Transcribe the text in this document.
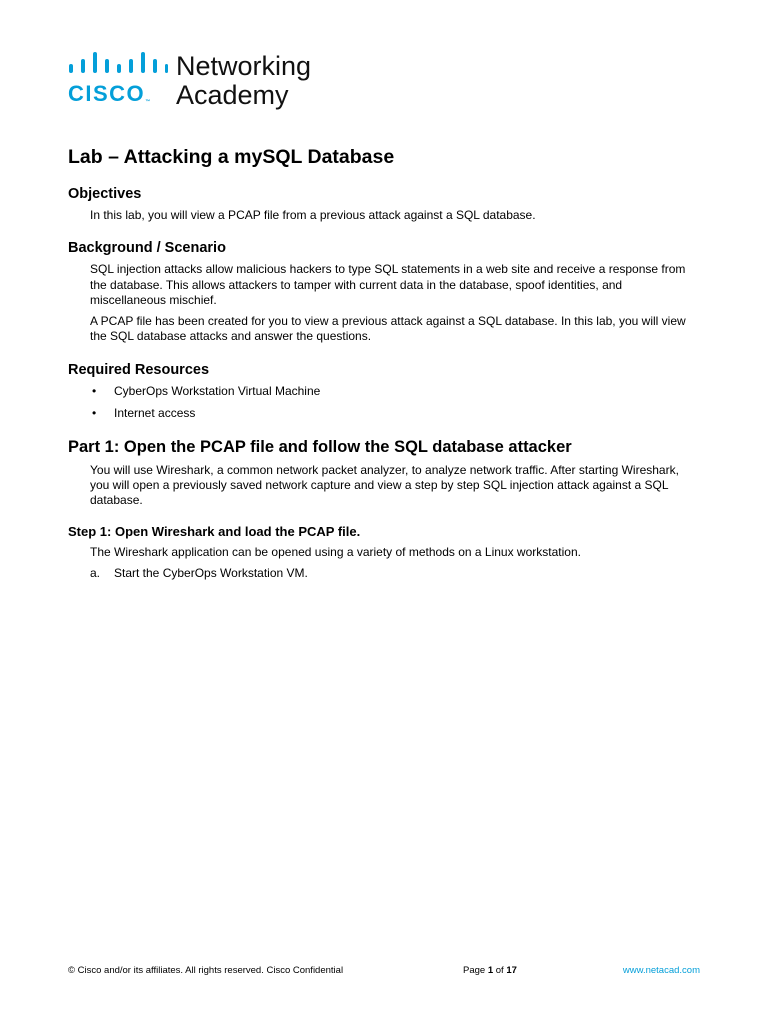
CISCO™
Networking
Academy
Lab – Attacking a mySQL Database
Objectives

In this lab, you will view a PCAP file from a previous attack against a SQL database.

Background / Scenario

SQL injection attacks allow malicious hackers to type SQL statements in a web site and receive a response from the database. This allows attackers to tamper with current data in the database, spoof identities, and miscellaneous mischief.

A PCAP file has been created for you to view a previous attack against a SQL database. In this lab, you will view the SQL database attacks and answer the questions.

Required Resources
• CyberOps Workstation Virtual Machine
• Internet access
Part 1: Open the PCAP file and follow the SQL database attacker

You will use Wireshark, a common network packet analyzer, to analyze network traffic. After starting Wireshark, you will open a previously saved network capture and view a step by step SQL injection attack against a SQL database.

Step 1: Open Wireshark and load the PCAP file.

The Wireshark application can be opened using a variety of methods on a Linux workstation.

a. Start the CyberOps Workstation VM.
© Cisco and/or its affiliates. All rights reserved. Cisco Confidential	Page 1 of 17	www.netacad.com
